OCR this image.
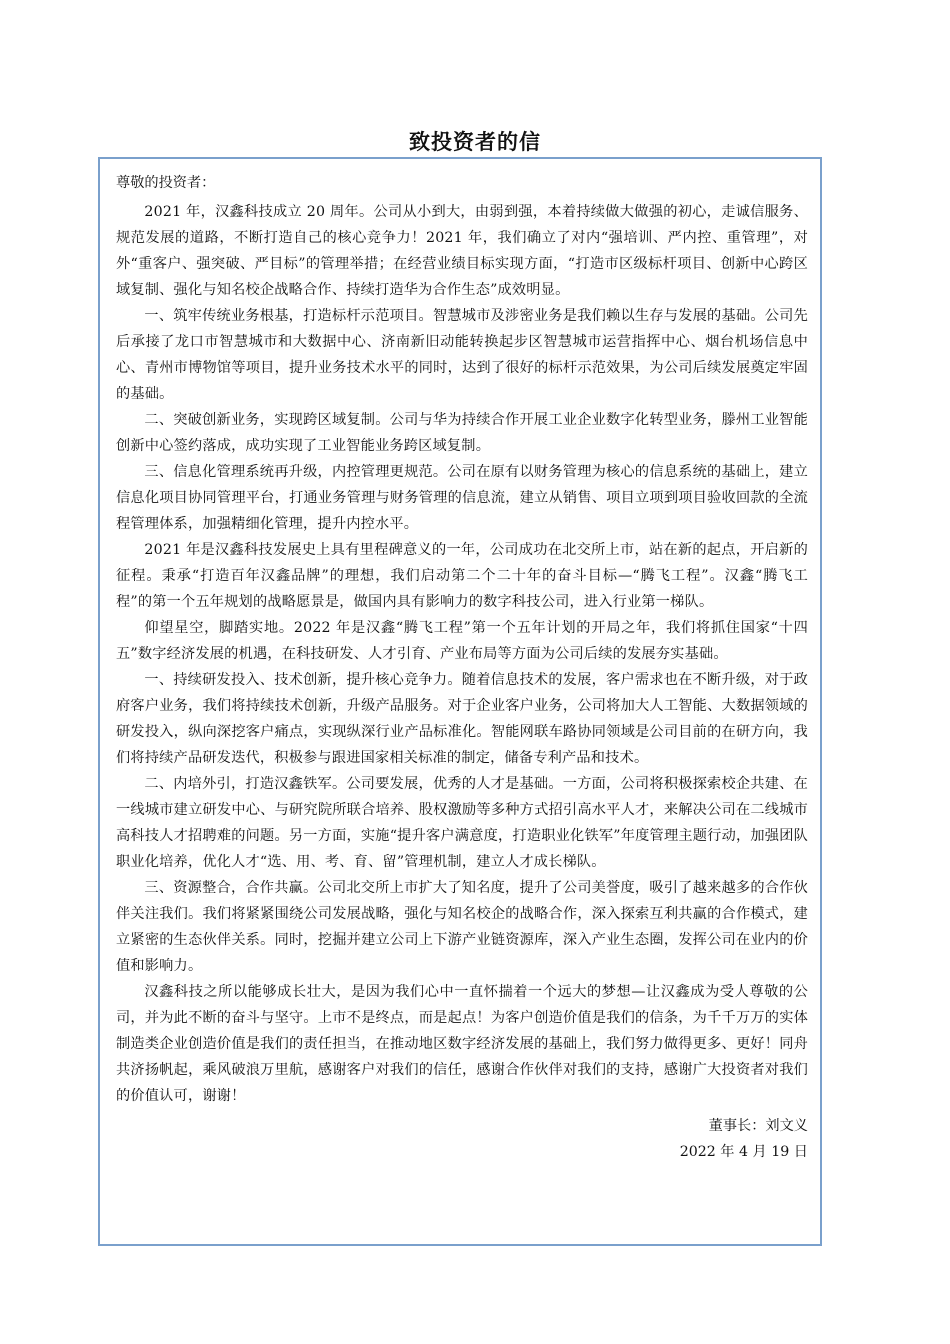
致投资者的信

尊敬的投资者：

2021 年，汉鑫科技成立 20 周年。公司从小到大，由弱到强，本着持续做大做强的初心，走诚信服务、规范发展的道路，不断打造自己的核心竞争力！2021 年，我们确立了对内“强培训、严内控、重管理”，对外“重客户、强突破、严目标”的管理举措；在经营业绩目标实现方面，“打造市区级标杆项目、创新中心跨区域复制、强化与知名校企战略合作、持续打造华为合作生态”成效明显。

一、筑牢传统业务根基，打造标杆示范项目。智慧城市及涉密业务是我们赖以生存与发展的基础。公司先后承接了龙口市智慧城市和大数据中心、济南新旧动能转换起步区智慧城市运营指挥中心、烟台机场信息中心、青州市博物馆等项目，提升业务技术水平的同时，达到了很好的标杆示范效果，为公司后续发展奠定牢固的基础。

二、突破创新业务，实现跨区域复制。公司与华为持续合作开展工业企业数字化转型业务，滕州工业智能创新中心签约落成，成功实现了工业智能业务跨区域复制。

三、信息化管理系统再升级，内控管理更规范。公司在原有以财务管理为核心的信息系统的基础上，建立信息化项目协同管理平台，打通业务管理与财务管理的信息流，建立从销售、项目立项到项目验收回款的全流程管理体系，加强精细化管理，提升内控水平。

2021 年是汉鑫科技发展史上具有里程碑意义的一年，公司成功在北交所上市，站在新的起点，开启新的征程。秉承“打造百年汉鑫品牌”的理想，我们启动第二个二十年的奋斗目标—“腾飞工程”。汉鑫“腾飞工程”的第一个五年规划的战略愿景是，做国内具有影响力的数字科技公司，进入行业第一梯队。

仰望星空，脚踏实地。2022 年是汉鑫“腾飞工程”第一个五年计划的开局之年，我们将抓住国家“十四五”数字经济发展的机遇，在科技研发、人才引育、产业布局等方面为公司后续的发展夯实基础。

一、持续研发投入、技术创新，提升核心竞争力。随着信息技术的发展，客户需求也在不断升级，对于政府客户业务，我们将持续技术创新，升级产品服务。对于企业客户业务，公司将加大人工智能、大数据领域的研发投入，纵向深挖客户痛点，实现纵深行业产品标准化。智能网联车路协同领域是公司目前的在研方向，我们将持续产品研发迭代，积极参与跟进国家相关标准的制定，储备专利产品和技术。

二、内培外引，打造汉鑫铁军。公司要发展，优秀的人才是基础。一方面，公司将积极探索校企共建、在一线城市建立研发中心、与研究院所联合培养、股权激励等多种方式招引高水平人才，来解决公司在二线城市高科技人才招聘难的问题。另一方面，实施“提升客户满意度，打造职业化铁军”年度管理主题行动，加强团队职业化培养，优化人才“选、用、考、育、留”管理机制，建立人才成长梯队。

三、资源整合，合作共赢。公司北交所上市扩大了知名度，提升了公司美誉度，吸引了越来越多的合作伙伴关注我们。我们将紧紧围绕公司发展战略，强化与知名校企的战略合作，深入探索互利共赢的合作模式，建立紧密的生态伙伴关系。同时，挖掘并建立公司上下游产业链资源库，深入产业生态圈，发挥公司在业内的价值和影响力。

汉鑫科技之所以能够成长壮大，是因为我们心中一直怀揣着一个远大的梦想—让汉鑫成为受人尊敬的公司，并为此不断的奋斗与坚守。上市不是终点，而是起点！为客户创造价值是我们的信条，为千千万万的实体制造类企业创造价值是我们的责任担当，在推动地区数字经济发展的基础上，我们努力做得更多、更好！同舟共济扬帆起，乘风破浪万里航，感谢客户对我们的信任，感谢合作伙伴对我们的支持，感谢广大投资者对我们的价值认可，谢谢！

董事长：刘文义

2022 年 4 月 19 日
